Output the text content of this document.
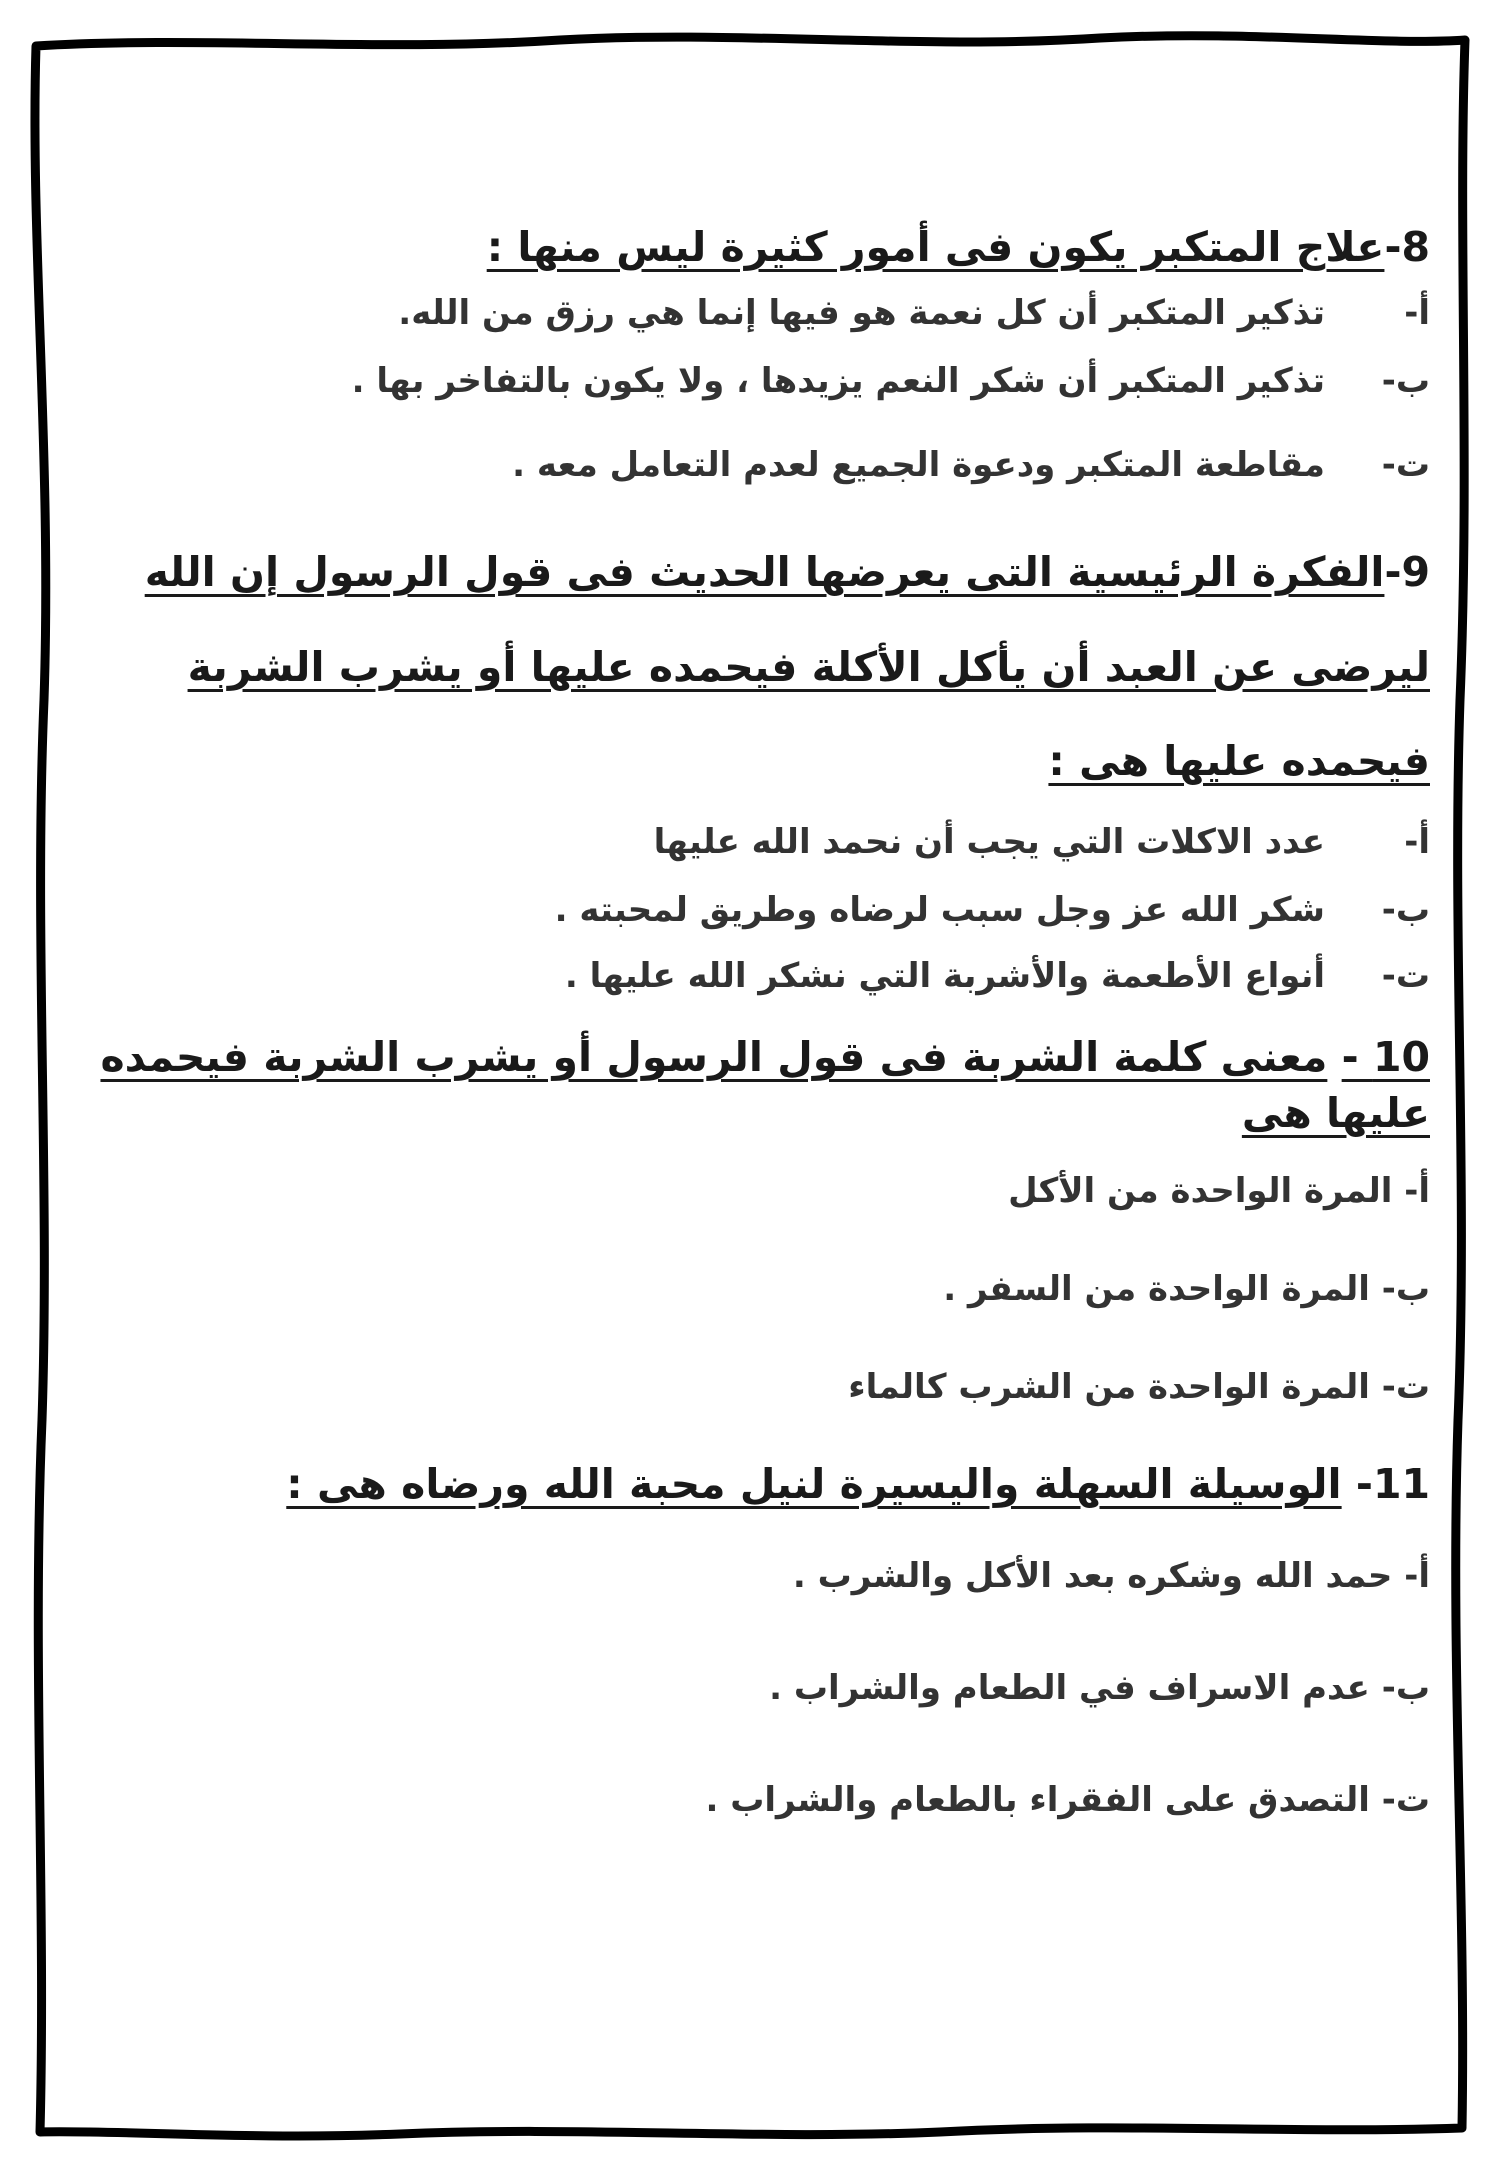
8-علاج المتكبر يكون فى أمور كثيرة ليس منها :
أ-
تذكير المتكبر أن كل نعمة هو فيها إنما هي رزق من الله.
ب-
تذكير المتكبر أن شكر النعم يزيدها ، ولا يكون بالتفاخر بها .
ت-
مقاطعة المتكبر ودعوة الجميع لعدم التعامل معه .
9-الفكرة الرئيسية التى يعرضها الحديث فى قول الرسول إن الله ليرضى عن العبد أن يأكل الأكلة فيحمده عليها أو يشرب الشربة فيحمده عليها هى :
أ-
عدد الاكلات التي يجب أن نحمد الله عليها
ب-
شكر الله عز وجل سبب لرضاه وطريق لمحبته .
ت-
أنواع الأطعمة والأشربة التي نشكر الله عليها .
10 - معنى كلمة الشربة فى قول الرسول أو يشرب الشربة فيحمده عليها هى
أ- المرة الواحدة من الأكل
ب- المرة الواحدة من السفر .
ت- المرة الواحدة من الشرب كالماء
11- الوسيلة السهلة واليسيرة لنيل محبة الله ورضاه هى :
أ- حمد الله وشكره بعد الأكل والشرب .
ب- عدم الاسراف في الطعام والشراب .
ت- التصدق على الفقراء بالطعام والشراب .
